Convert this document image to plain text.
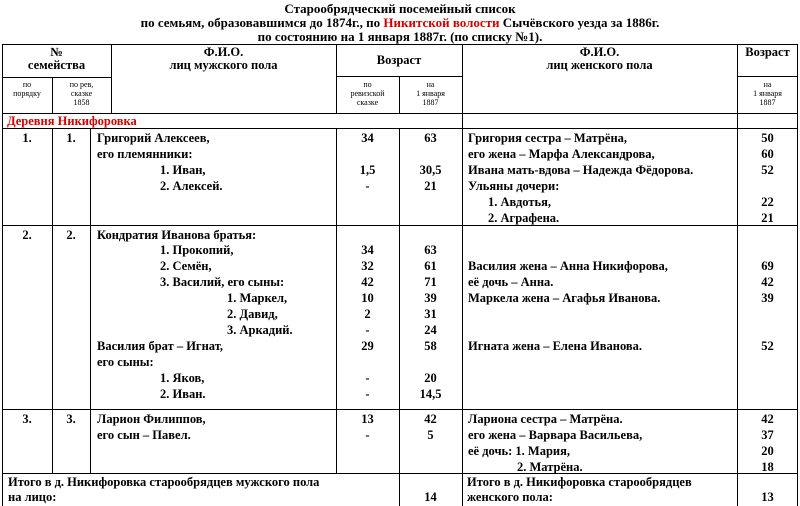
Старообрядческий посемейный список
по семьям, образовавшимся до 1874г., по Никитской волости Сычёвского уезда за 1886г.
по состоянию на 1 января 1887г. (по списку №1).
№
семейства
Ф.И.О.
лиц мужского пола	Возраст
Ф.И.О.
лиц женского пола
Возраст
по
порядку
по рев,
сказке
1858
по
ревизской
сказке
на
1 января
1887
на
1 января
1887
Деревня Никифоровка
1.	1.	Григорий Алексеев,	34	63	Григория сестра – Матрёна,	50
его племянники:	его жена – Марфа Александрова,	60
1. Иван,	1,5	30,5	Ивана мать-вдова – Надежда Фёдорова.	52
2. Алексей.	-	21	Ульяны дочери:
1. Авдотья,	22
2. Аграфена.	21
2.	2.	Кондратия Иванова братья:
1. Прокопий,	34	63
2. Семён,	32	61	Василия жена – Анна Никифорова,	69
3. Василий, его сыны:	42	71	её дочь – Анна.	42
1. Маркел,	10	39	Маркела жена – Агафья Иванова.	39
2. Давид,	2	31
3. Аркадий.	-	24
Василия брат – Игнат,	29	58	Игната жена – Елена Иванова.	52
его сыны:
1. Яков,	-	20
2. Иван.	-	14,5
3.	3.	Ларион Филиппов,	13	42	Лариона сестра – Матрёна.	42
его сын – Павел.	-	5	его жена – Варвара Васильева,	37
её дочь: 1. Мария,	20
2. Матрёна.	18
Итого в д. Никифоровка старообрядцев мужского пола
на лицо:	14
Итого в д. Никифоровка старообрядцев
женского пола:	13
